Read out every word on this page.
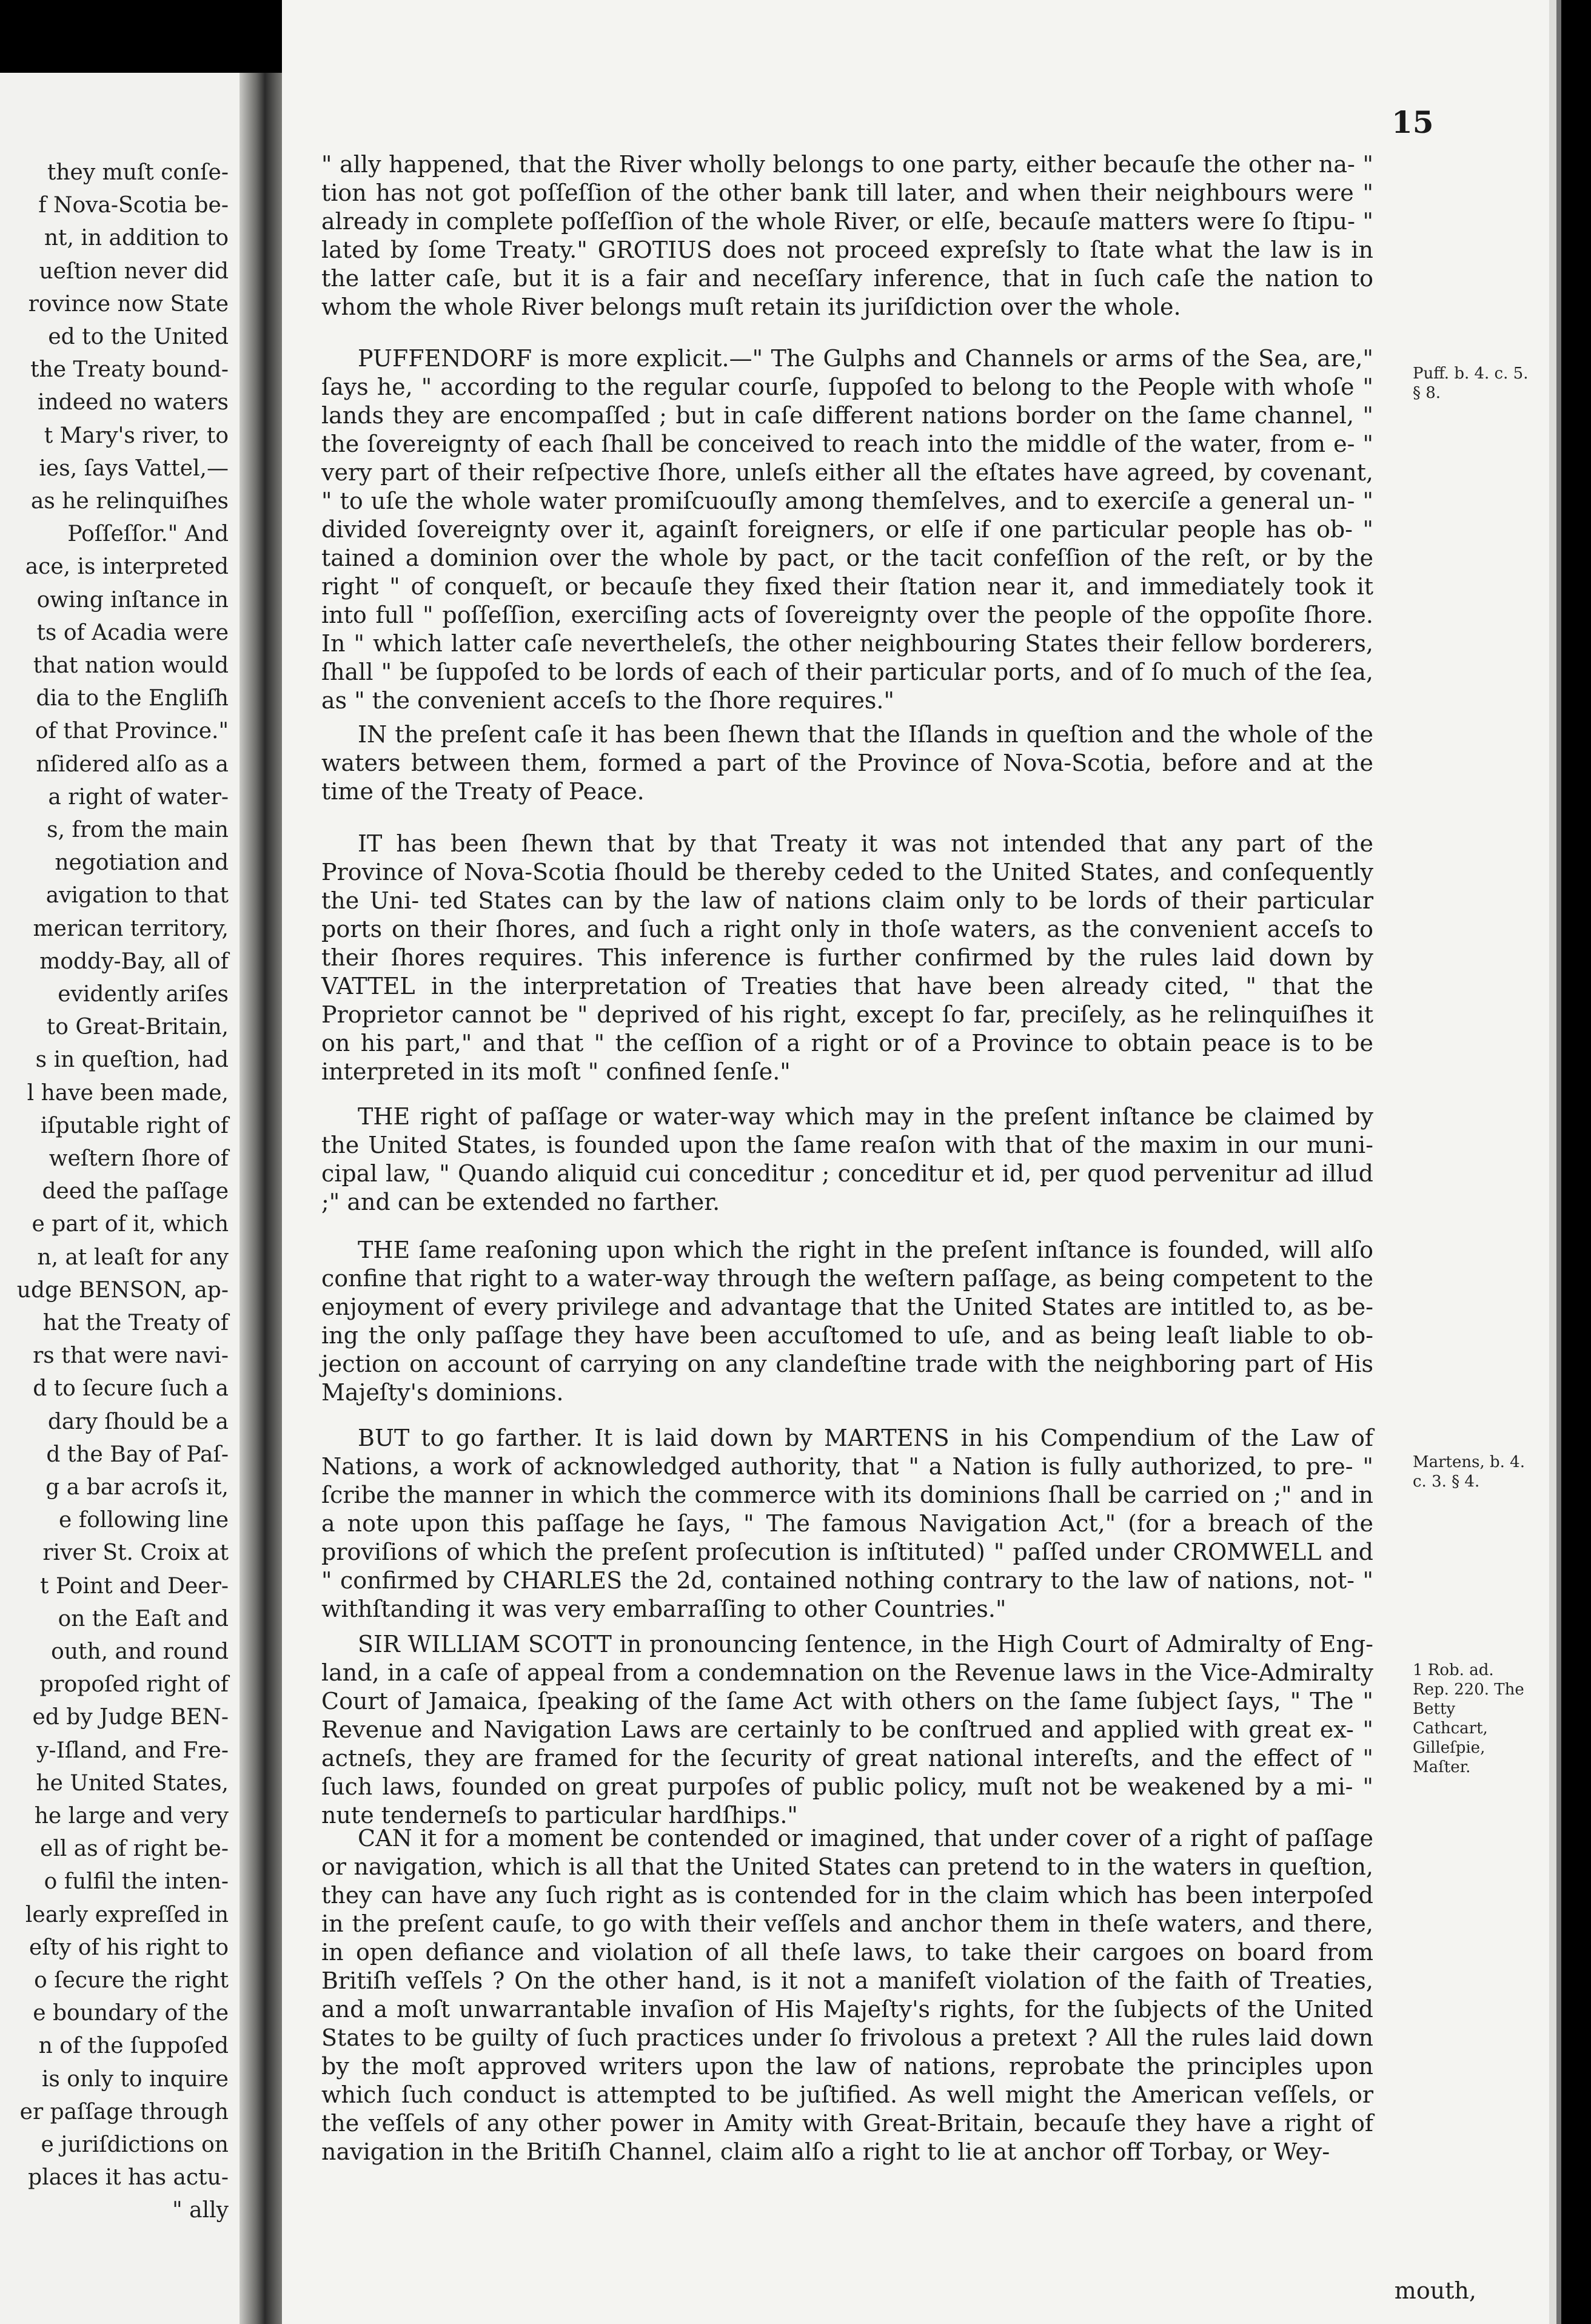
they muſt conſe-
f Nova-Scotia be-
nt, in addition to
ueſtion never did
rovince now State
ed to the United
the Treaty bound-
indeed no waters
t Mary's river, to
ies, ſays Vattel,—
as he relinquiſhes
Poſſeſſor." And
ace, is interpreted
owing inſtance in
ts of Acadia were
that nation would
dia to the Engliſh
of that Province."
nſidered alſo as a
a right of water-
s, from the main
negotiation and
avigation to that
merican territory,
moddy-Bay, all of
evidently ariſes
to Great-Britain,
s in queſtion, had
l have been made,
iſputable right of
weſtern ſhore of
deed the paſſage
e part of it, which
n, at leaſt for any
udge BENSON, ap-
hat the Treaty of
rs that were navi-
d to ſecure ſuch a
dary ſhould be a
d the Bay of Paſ-
g a bar acroſs it,
e following line
river St. Croix at
t Point and Deer-
on the Eaſt and
outh, and round
propoſed right of
ed by Judge BEN-
y-Iſland, and Fre-
he United States,
he large and very
ell as of right be-
o fulfil the inten-
learly expreſſed in
eſty of his right to
o ſecure the right
e boundary of the
n of the ſuppoſed
is only to inquire
er paſſage through
e juriſdictions on
places it has actu-
" ally
15

" ally happened, that the River wholly belongs to one party, either becauſe the other na- " tion has not got poſſeſſion of the other bank till later, and when their neighbours were " already in complete poſſeſſion of the whole River, or elſe, becauſe matters were ſo ſtipu- " lated by ſome Treaty." GROTIUS does not proceed expreſsly to ſtate what the law is in the latter caſe, but it is a fair and neceſſary inference, that in ſuch caſe the nation to whom the whole River belongs muſt retain its juriſdiction over the whole.

PUFFENDORF is more explicit.—" The Gulphs and Channels or arms of the Sea, are," ſays he, " according to the regular courſe, ſuppoſed to belong to the People with whoſe " lands they are encompaſſed ; but in caſe different nations border on the ſame channel, " the ſovereignty of each ſhall be conceived to reach into the middle of the water, from e- " very part of their reſpective ſhore, unleſs either all the eſtates have agreed, by covenant, " to uſe the whole water promiſcuouſly among themſelves, and to exerciſe a general un- " divided ſovereignty over it, againſt foreigners, or elſe if one particular people has ob- " tained a dominion over the whole by pact, or the tacit confeſſion of the reſt, or by the right " of conqueſt, or becauſe they fixed their ſtation near it, and immediately took it into full " poſſeſſion, exerciſing acts of ſovereignty over the people of the oppoſite ſhore. In " which latter caſe nevertheleſs, the other neighbouring States their fellow borderers, ſhall " be ſuppoſed to be lords of each of their particular ports, and of ſo much of the ſea, as " the convenient acceſs to the ſhore requires."

IN the preſent caſe it has been ſhewn that the Iſlands in queſtion and the whole of the waters between them, formed a part of the Province of Nova-Scotia, before and at the time of the Treaty of Peace.

IT has been ſhewn that by that Treaty it was not intended that any part of the Province of Nova-Scotia ſhould be thereby ceded to the United States, and conſequently the Uni- ted States can by the law of nations claim only to be lords of their particular ports on their ſhores, and ſuch a right only in thoſe waters, as the convenient acceſs to their ſhores requires. This inference is further confirmed by the rules laid down by VATTEL in the interpretation of Treaties that have been already cited, " that the Proprietor cannot be " deprived of his right, except ſo far, preciſely, as he relinquiſhes it on his part," and that " the ceſſion of a right or of a Province to obtain peace is to be interpreted in its moſt " confined ſenſe."

THE right of paſſage or water-way which may in the preſent inſtance be claimed by the United States, is founded upon the ſame reaſon with that of the maxim in our muni- cipal law, " Quando aliquid cui conceditur ; conceditur et id, per quod pervenitur ad illud ;" and can be extended no farther.

THE ſame reaſoning upon which the right in the preſent inſtance is founded, will alſo confine that right to a water-way through the weſtern paſſage, as being competent to the enjoyment of every privilege and advantage that the United States are intitled to, as be- ing the only paſſage they have been accuſtomed to uſe, and as being leaſt liable to ob- jection on account of carrying on any clandeſtine trade with the neighboring part of His Majeſty's dominions.

BUT to go farther. It is laid down by MARTENS in his Compendium of the Law of Nations, a work of acknowledged authority, that " a Nation is fully authorized, to pre- " ſcribe the manner in which the commerce with its dominions ſhall be carried on ;" and in a note upon this paſſage he ſays, " The famous Navigation Act," (for a breach of the proviſions of which the preſent proſecution is inſtituted) " paſſed under CROMWELL and " confirmed by CHARLES the 2d, contained nothing contrary to the law of nations, not- " withſtanding it was very embarraſſing to other Countries."

SIR WILLIAM SCOTT in pronouncing ſentence, in the High Court of Admiralty of Eng- land, in a caſe of appeal from a condemnation on the Revenue laws in the Vice-Admiralty Court of Jamaica, ſpeaking of the ſame Act with others on the ſame ſubject ſays, " The " Revenue and Navigation Laws are certainly to be conſtrued and applied with great ex- " actneſs, they are framed for the ſecurity of great national intereſts, and the effect of " ſuch laws, founded on great purpoſes of public policy, muſt not be weakened by a mi- " nute tenderneſs to particular hardſhips."

CAN it for a moment be contended or imagined, that under cover of a right of paſſage or navigation, which is all that the United States can pretend to in the waters in queſtion, they can have any ſuch right as is contended for in the claim which has been interpoſed in the preſent cauſe, to go with their veſſels and anchor them in theſe waters, and there, in open defiance and violation of all theſe laws, to take their cargoes on board from Britiſh veſſels ? On the other hand, is it not a manifeſt violation of the faith of Treaties, and a moſt unwarrantable invaſion of His Majeſty's rights, for the ſubjects of the United States to be guilty of ſuch practices under ſo frivolous a pretext ? All the rules laid down by the moſt approved writers upon the law of nations, reprobate the principles upon which ſuch conduct is attempted to be juſtified. As well might the American veſſels, or the veſſels of any other power in Amity with Great-Britain, becauſe they have a right of navigation in the Britiſh Channel, claim alſo a right to lie at anchor off Torbay, or Wey-

Puff. b. 4. c. 5. § 8.
Martens, b. 4. c. 3. § 4.
1 Rob. ad. Rep. 220. The Betty Cathcart, Gilleſpie, Maſter.
mouth,
